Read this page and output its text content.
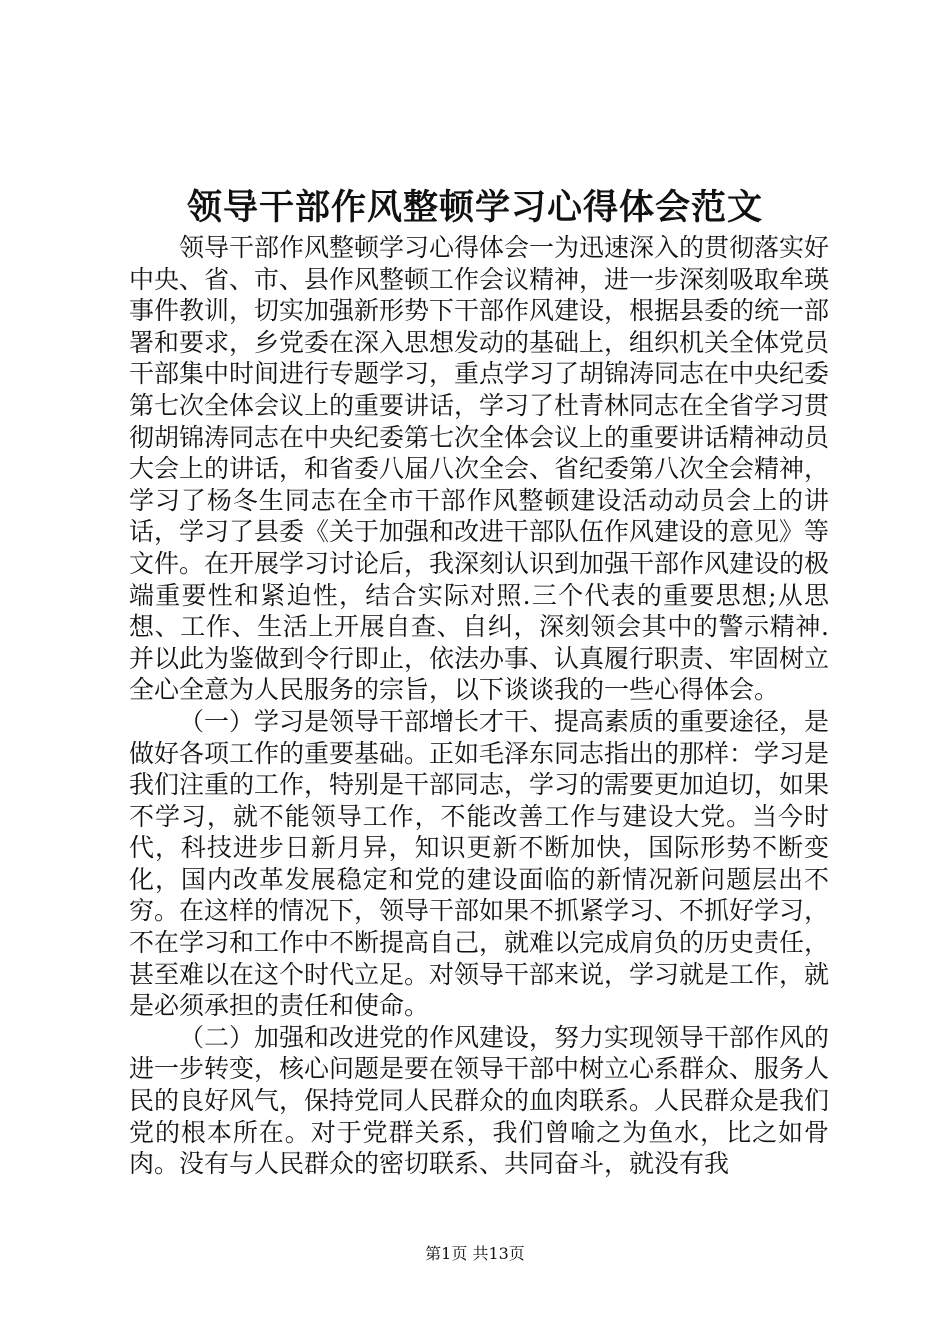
领导干部作风整顿学习心得体会范文

领导干部作风整顿学习心得体会一为迅速深入的贯彻落实好中央、省、市、县作风整顿工作会议精神，进一步深刻吸取牟瑛事件教训，切实加强新形势下干部作风建设，根据县委的统一部署和要求，乡党委在深入思想发动的基础上，组织机关全体党员干部集中时间进行专题学习，重点学习了胡锦涛同志在中央纪委第七次全体会议上的重要讲话，学习了杜青林同志在全省学习贯彻胡锦涛同志在中央纪委第七次全体会议上的重要讲话精神动员大会上的讲话，和省委八届八次全会、省纪委第八次全会精神，学习了杨冬生同志在全市干部作风整顿建设活动动员会上的讲话，学习了县委《关于加强和改进干部队伍作风建设的意见》等文件。在开展学习讨论后，我深刻认识到加强干部作风建设的极端重要性和紧迫性，结合实际对照.三个代表的重要思想;从思想、工作、生活上开展自查、自纠，深刻领会其中的警示精神.并以此为鉴做到令行即止，依法办事、认真履行职责、牢固树立全心全意为人民服务的宗旨，以下谈谈我的一些心得体会。

（一）学习是领导干部增长才干、提高素质的重要途径，是做好各项工作的重要基础。正如毛泽东同志指出的那样：学习是我们注重的工作，特别是干部同志，学习的需要更加迫切，如果不学习，就不能领导工作，不能改善工作与建设大党。当今时代，科技进步日新月异，知识更新不断加快，国际形势不断变化，国内改革发展稳定和党的建设面临的新情况新问题层出不穷。在这样的情况下，领导干部如果不抓紧学习、不抓好学习，不在学习和工作中不断提高自己，就难以完成肩负的历史责任，甚至难以在这个时代立足。对领导干部来说，学习就是工作，就是必须承担的责任和使命。

（二）加强和改进党的作风建设，努力实现领导干部作风的进一步转变，核心问题是要在领导干部中树立心系群众、服务人民的良好风气，保持党同人民群众的血肉联系。人民群众是我们党的根本所在。对于党群关系，我们曾喻之为鱼水，比之如骨肉。没有与人民群众的密切联系、共同奋斗，就没有我

第1页 共13页
